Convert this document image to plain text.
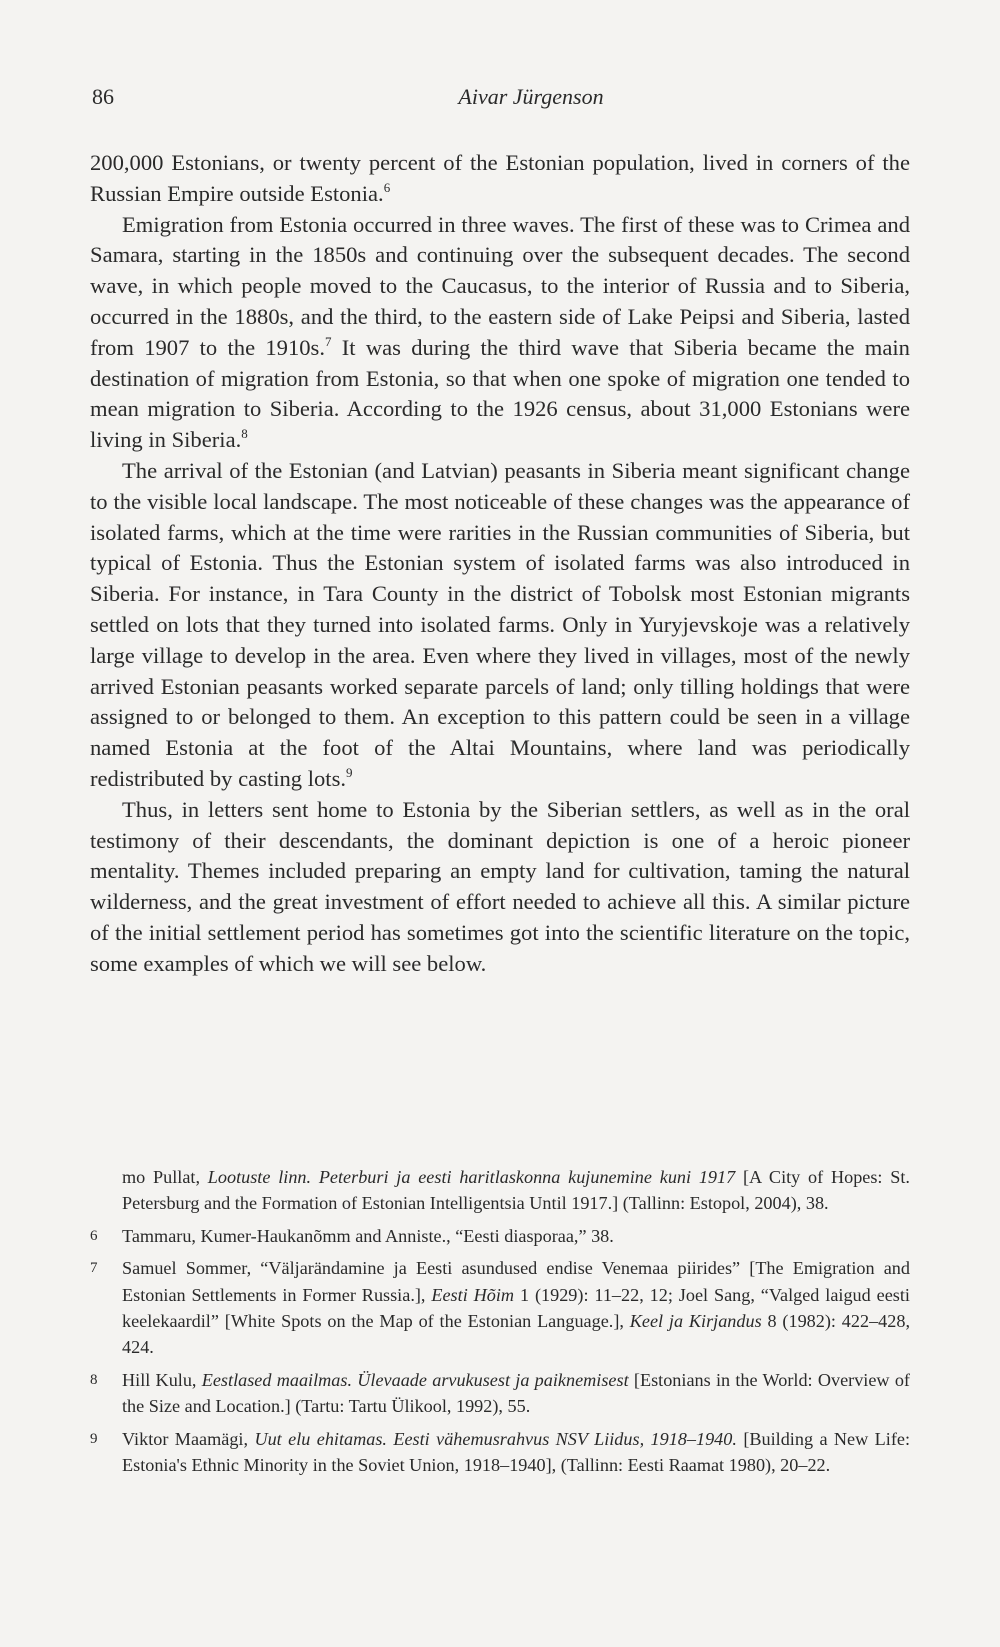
86	Aivar Jürgenson

200,000 Estonians, or twenty percent of the Estonian population, lived in corners of the Russian Empire outside Estonia.$^6$

Emigration from Estonia occurred in three waves. The first of these was to Crimea and Samara, starting in the 1850s and continuing over the subsequent decades. The second wave, in which people moved to the Caucasus, to the interior of Russia and to Siberia, occurred in the 1880s, and the third, to the eastern side of Lake Peipsi and Siberia, lasted from 1907 to the 1910s.$^7$ It was during the third wave that Siberia became the main destination of migration from Estonia, so that when one spoke of migration one tended to mean migration to Siberia. According to the 1926 census, about 31,000 Estonians were living in Siberia.$^8$

The arrival of the Estonian (and Latvian) peasants in Siberia meant significant change to the visible local landscape. The most noticeable of these changes was the appearance of isolated farms, which at the time were rarities in the Russian communities of Siberia, but typical of Estonia. Thus the Estonian system of isolated farms was also introduced in Siberia. For instance, in Tara County in the district of Tobolsk most Estonian migrants settled on lots that they turned into isolated farms. Only in Yuryjevskoje was a relatively large village to develop in the area. Even where they lived in villages, most of the newly arrived Estonian peasants worked separate parcels of land; only tilling holdings that were assigned to or belonged to them. An exception to this pattern could be seen in a village named Estonia at the foot of the Altai Mountains, where land was periodically redistributed by casting lots.$^9$

Thus, in letters sent home to Estonia by the Siberian settlers, as well as in the oral testimony of their descendants, the dominant depiction is one of a heroic pioneer mentality. Themes included preparing an empty land for cultivation, taming the natural wilderness, and the great investment of effort needed to achieve all this. A similar picture of the initial settlement period has sometimes got into the scientific literature on the topic, some examples of which we will see below.

mo Pullat, Lootuste linn. Peterburi ja eesti haritlaskonna kujunemine kuni 1917 [A City of Hopes: St. Petersburg and the Formation of Estonian Intelligentsia Until 1917.] (Tallinn: Estopol, 2004), 38.
6 Tammaru, Kumer-Haukanõmm and Anniste., “Eesti diasporaa,” 38.
7 Samuel Sommer, “Väljarändamine ja Eesti asundused endise Venemaa piirides” [The Emigration and Estonian Settlements in Former Russia.], Eesti Hõim 1 (1929): 11–22, 12; Joel Sang, “Valged laigud eesti keelekaardil” [White Spots on the Map of the Estonian Language.], Keel ja Kirjandus 8 (1982): 422–428, 424.
8 Hill Kulu, Eestlased maailmas. Ülevaade arvukusest ja paiknemisest [Estonians in the World: Overview of the Size and Location.] (Tartu: Tartu Ülikool, 1992), 55.
9 Viktor Maamägi, Uut elu ehitamas. Eesti vähemusrahvus NSV Liidus, 1918–1940. [Building a New Life: Estonia's Ethnic Minority in the Soviet Union, 1918–1940], (Tallinn: Eesti Raamat 1980), 20–22.
